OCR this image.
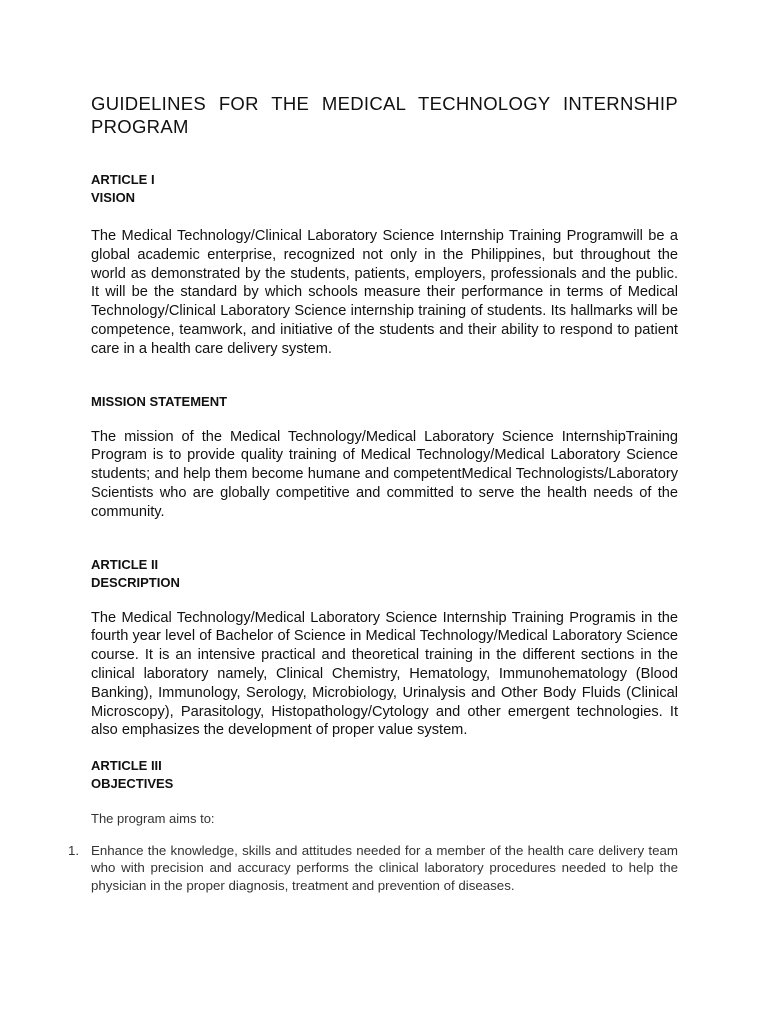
GUIDELINES FOR THE MEDICAL TECHNOLOGY INTERNSHIP PROGRAM
ARTICLE I
VISION

The Medical Technology/Clinical Laboratory Science Internship Training Programwill be a global academic enterprise, recognized not only in the Philippines, but throughout the world as demonstrated by the students, patients, employers, professionals and the public. It will be the standard by which schools measure their performance in terms of Medical Technology/Clinical Laboratory Science internship training of students. Its hallmarks will be competence, teamwork, and initiative of the students and their ability to respond to patient care in a health care delivery system.

MISSION STATEMENT

The mission of the Medical Technology/Medical Laboratory Science InternshipTraining Program is to provide quality training of Medical Technology/Medical Laboratory Science students; and help them become humane and competentMedical Technologists/Laboratory Scientists who are globally competitive and committed to serve the health needs of the community.

ARTICLE II
DESCRIPTION

The Medical Technology/Medical Laboratory Science Internship Training Programis in the fourth year level of Bachelor of Science in Medical Technology/Medical Laboratory Science course. It is an intensive practical and theoretical training in the different sections in the clinical laboratory namely, Clinical Chemistry, Hematology, Immunohematology (Blood Banking), Immunology, Serology, Microbiology, Urinalysis and Other Body Fluids (Clinical Microscopy), Parasitology, Histopathology/Cytology and other emergent technologies. It also emphasizes the development of proper value system.

ARTICLE III
OBJECTIVES

The program aims to:

1. Enhance the knowledge, skills and attitudes needed for a member of the health care delivery team who with precision and accuracy performs the clinical laboratory procedures needed to help the physician in the proper diagnosis, treatment and prevention of diseases.
